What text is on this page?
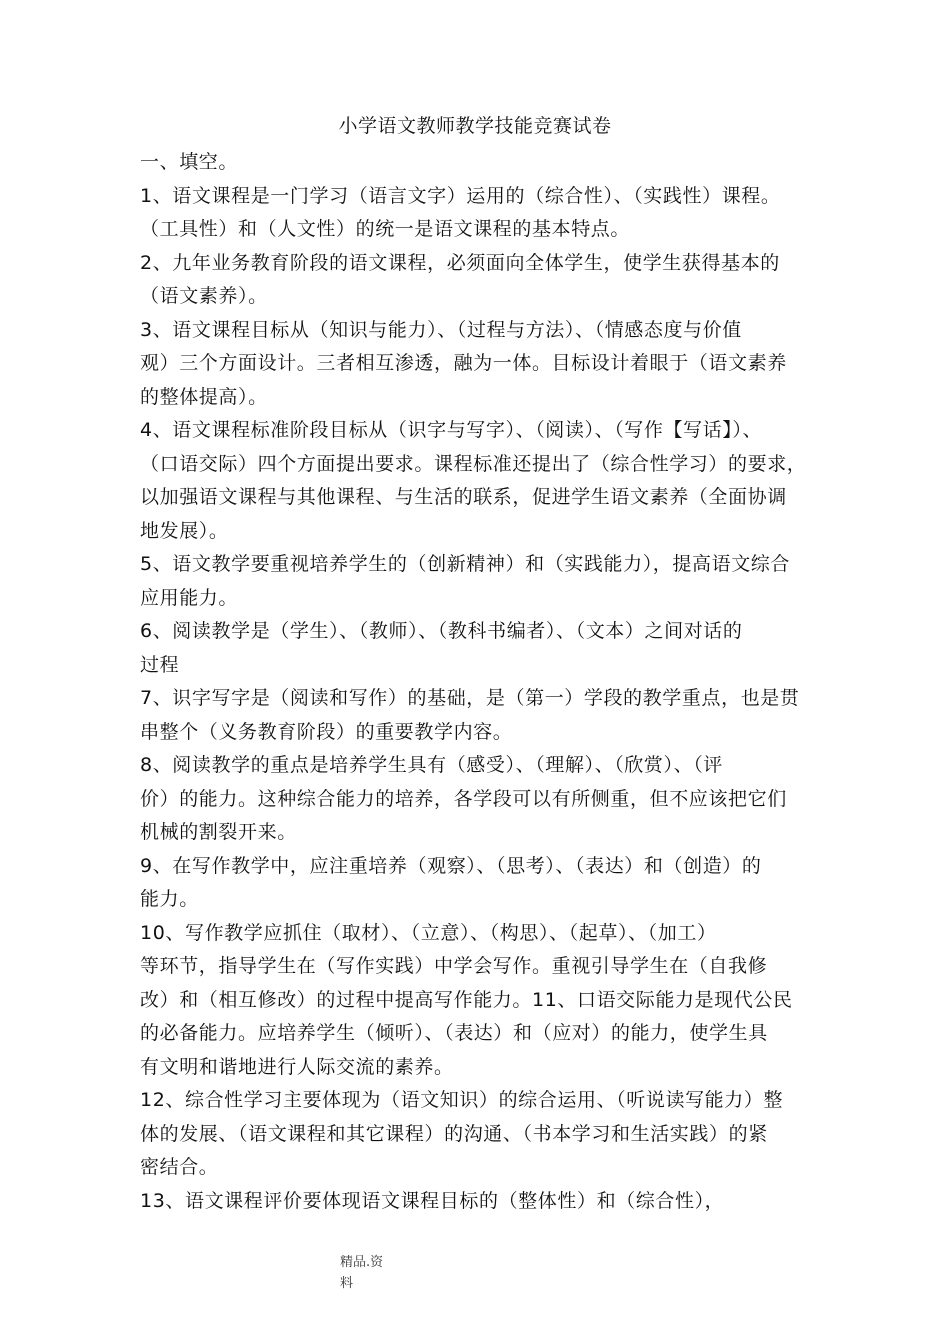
小学语文教师教学技能竞赛试卷
一、填空。
1、语文课程是一门学习（语言文字）运用的（综合性）、（实践性）课程。
（工具性）和（人文性）的统一是语文课程的基本特点。
2、九年业务教育阶段的语文课程，必须面向全体学生，使学生获得基本的
（语文素养）。
3、语文课程目标从（知识与能力）、（过程与方法）、（情感态度与价值
观）三个方面设计。三者相互渗透，融为一体。目标设计着眼于（语文素养
的整体提高）。
4、语文课程标准阶段目标从（识字与写字）、（阅读）、（写作【写话】）、
（口语交际）四个方面提出要求。课程标准还提出了（综合性学习）的要求，
以加强语文课程与其他课程、与生活的联系，促进学生语文素养（全面协调
地发展）。
5、语文教学要重视培养学生的（创新精神）和（实践能力），提高语文综合
应用能力。
6、阅读教学是（学生）、（教师）、（教科书编者）、（文本）之间对话的
过程
7、识字写字是（阅读和写作）的基础，是（第一）学段的教学重点，也是贯
串整个（义务教育阶段）的重要教学内容。
8、阅读教学的重点是培养学生具有（感受）、（理解）、（欣赏）、（评
价）的能力。这种综合能力的培养，各学段可以有所侧重，但不应该把它们
机械的割裂开来。
9、在写作教学中，应注重培养（观察）、（思考）、（表达）和（创造）的
能力。
10、写作教学应抓住（取材）、（立意）、（构思）、（起草）、（加工）
等环节，指导学生在（写作实践）中学会写作。重视引导学生在（自我修
改）和（相互修改）的过程中提高写作能力。11、口语交际能力是现代公民
的必备能力。应培养学生（倾听）、（表达）和（应对）的能力，使学生具
有文明和谐地进行人际交流的素养。
12、综合性学习主要体现为（语文知识）的综合运用、（听说读写能力）整
体的发展、（语文课程和其它课程）的沟通、（书本学习和生活实践）的紧
密结合。
13、语文课程评价要体现语文课程目标的（整体性）和（综合性），
精品.资
料
